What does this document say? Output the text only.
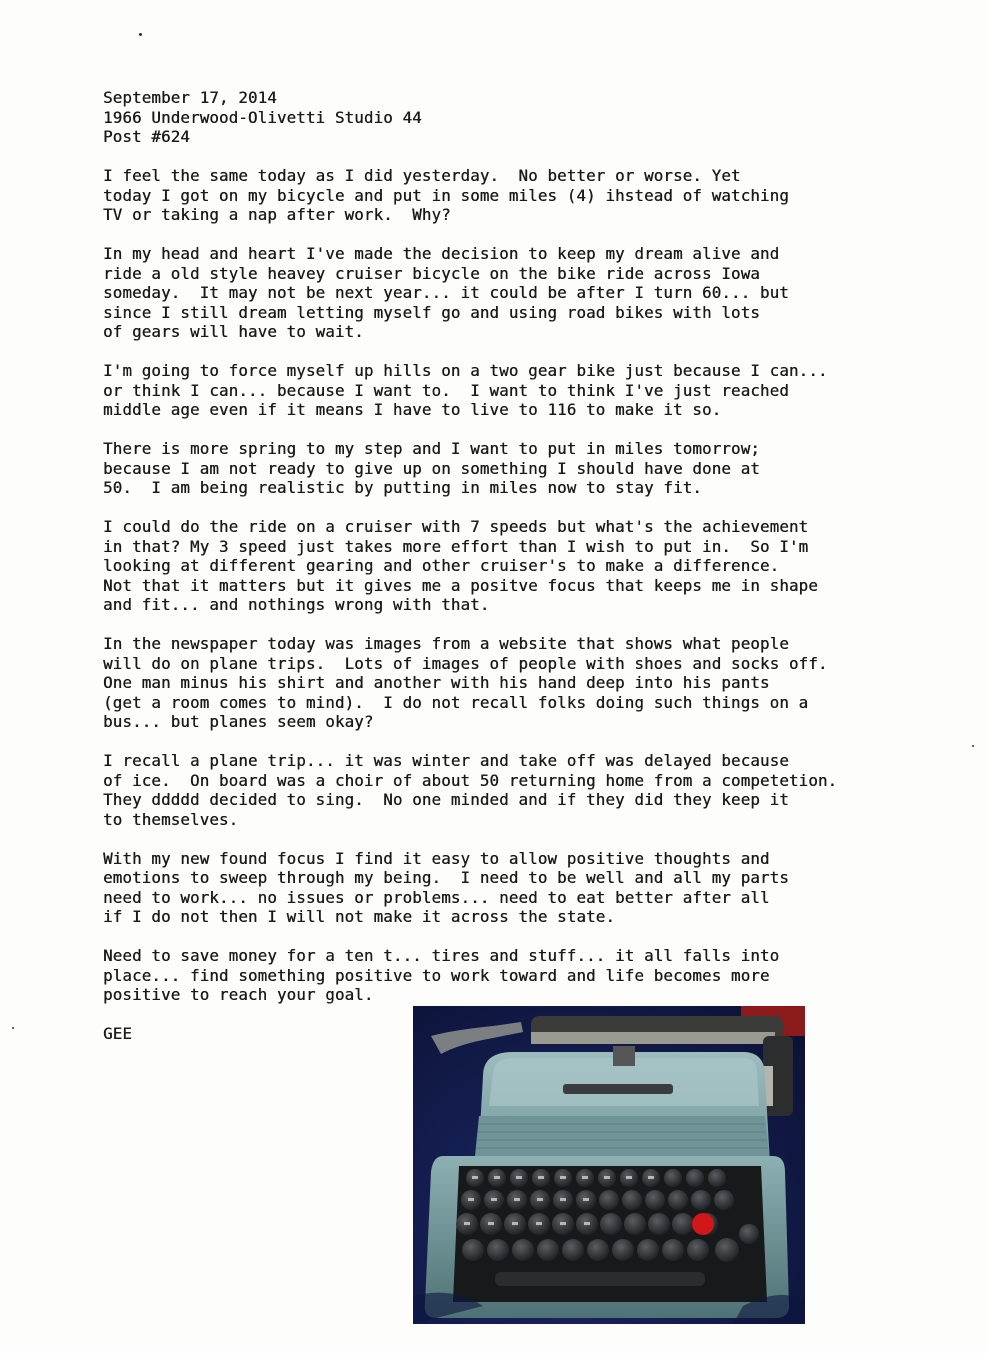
September 17, 2014
1966 Underwood-Olivetti Studio 44
Post #624
I feel the same today as I did yesterday.  No better or worse. Yet
today I got on my bicycle and put in some miles (4) ihstead of watching
TV or taking a nap after work.  Why?
In my head and heart I've made the decision to keep my dream alive and
ride a old style heavey cruiser bicycle on the bike ride across Iowa
someday.  It may not be next year... it could be after I turn 60... but
since I still dream letting myself go and using road bikes with lots
of gears will have to wait.
I'm going to force myself up hills on a two gear bike just because I can...
or think I can... because I want to.  I want to think I've just reached
middle age even if it means I have to live to 116 to make it so.
There is more spring to my step and I want to put in miles tomorrow;
because I am not ready to give up on something I should have done at
50.  I am being realistic by putting in miles now to stay fit.
I could do the ride on a cruiser with 7 speeds but what's the achievement
in that? My 3 speed just takes more effort than I wish to put in.  So I'm
looking at different gearing and other cruiser's to make a difference.
Not that it matters but it gives me a positve focus that keeps me in shape
and fit... and nothings wrong with that.
In the newspaper today was images from a website that shows what people
will do on plane trips.  Lots of images of people with shoes and socks off.
One man minus his shirt and another with his hand deep into his pants
(get a room comes to mind).  I do not recall folks doing such things on a
bus... but planes seem okay?
I recall a plane trip... it was winter and take off was delayed because
of ice.  On board was a choir of about 50 returning home from a competetion.
They ddddd decided to sing.  No one minded and if they did they keep it
to themselves.
With my new found focus I find it easy to allow positive thoughts and
emotions to sweep through my being.  I need to be well and all my parts
need to work... no issues or problems... need to eat better after all
if I do not then I will not make it across the state.
Need to save money for a ten t... tires and stuff... it all falls into
place... find something positive to work toward and life becomes more
positive to reach your goal.
GEE
